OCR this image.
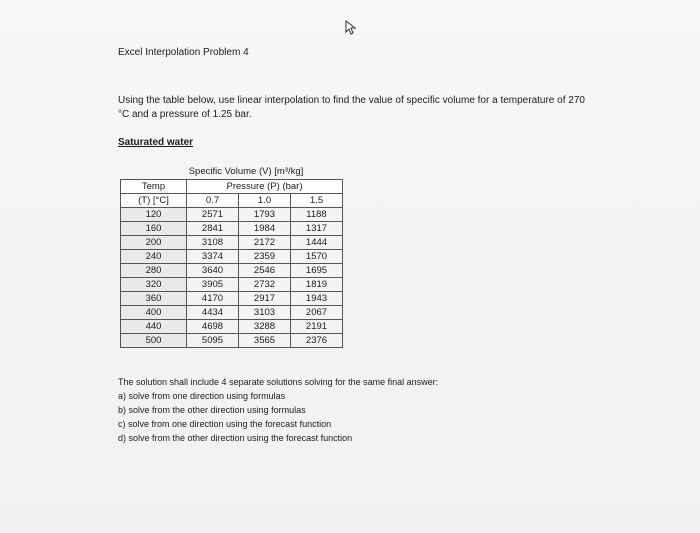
Excel Interpolation Problem 4
Using the table below, use linear interpolation to find the value of specific volume for a temperature of 270 °C and a pressure of 1.25 bar.
Saturated water
Specific Volume (V) [m³/kg]
Temp	Pressure (P) (bar)		
(T) [°C]	0.7	1.0	1.5
120	2571	1793	1188
160	2841	1984	1317
200	3108	2172	1444
240	3374	2359	1570
280	3640	2546	1695
320	3905	2732	1819
360	4170	2917	1943
400	4434	3103	2067
440	4698	3288	2191
500	5095	3565	2376
The solution shall include 4 separate solutions solving for the same final answer:
a) solve from one direction using formulas
b) solve from the other direction using formulas
c) solve from one direction using the forecast function
d) solve from the other direction using the forecast function
